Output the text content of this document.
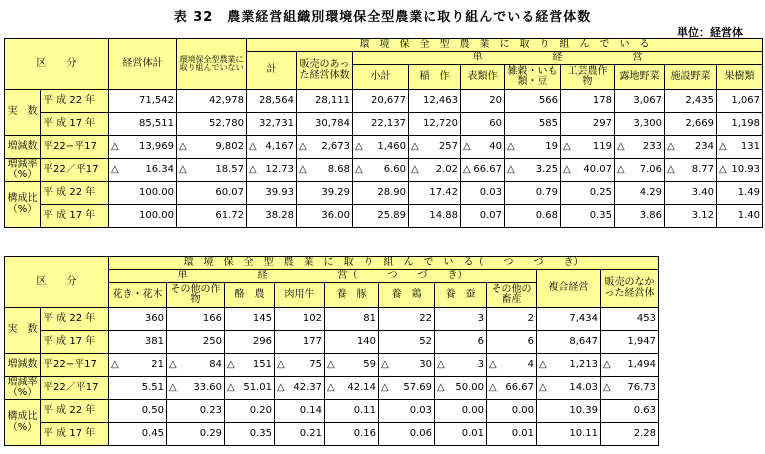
表 32　農業経営組織別環境保全型農業に取り組んでいる経営体数
単位：経営体
区　　分		経営体計	環境保全型農業に取り組んでいない	環　境　保　全　型　農　業　に　取　り　組　ん　で　い　る									
				計	販売のあった経営体数	単　　　　　　　経　　　　　　　営							
						小計	稲　作	表類作	雑穀・いも類・豆	工芸農作物	露地野菜	施設野菜	果樹類
実　数	平 成 22 年	71,542	42,978	28,564	28,111	20,677	12,463	20	566	178	3,067	2,435	1,067
	平 成 17 年	85,511	52,780	32,731	30,784	22,137	12,720	60	585	297	3,300	2,669	1,198
増減数	平22−平17	△ 13,969	△ 9,802	△ 4,167	△ 2,673	△ 1,460	△ 257	△ 40	△ 19	△ 119	△ 233	△ 234	△ 131
増減率（%）	平22／平17	△ 16.34	△ 18.57	△ 12.73	△ 8.68	△ 6.60	△ 2.02	△ 66.67	△ 3.25	△ 40.07	△ 7.06	△ 8.77	△ 10.93
構成比（%）	平 成 22 年	100.00	60.07	39.93	39.29	28.90	17.42	0.03	0.79	0.25	4.29	3.40	1.49
	平 成 17 年	100.00	61.72	38.28	36.00	25.89	14.88	0.07	0.68	0.35	3.86	3.12	1.40
区　　分		環　境　保　全　型　農　業　に　取　り　組　ん　で　い　る（　　つ　　づ　　き）									
		単　　　　　　　経　　　　　　　営（　　　つ　　づ　　き）								複合経営	販売のなかった経営体
		花き・花木	その他の作物	酪　農	肉用牛	養　豚	養　鶏	養　蚕	その他の畜産		
実　数	平 成 22 年	360	166	145	102	81	22	3	2	7,434	453
	平 成 17 年	381	250	296	177	140	52	6	6	8,647	1,947
増減数	平22−平17	△ 21	△ 84	△ 151	△ 75	△ 59	△ 30	△ 3	△ 4	△ 1,213	△ 1,494
増減率（%）	平22／平17	5.51	△ 33.60	△ 51.01	△ 42.37	△ 42.14	△ 57.69	△ 50.00	△ 66.67	△ 14.03	△ 76.73
構成比（%）	平 成 22 年	0.50	0.23	0.20	0.14	0.11	0.03	0.00	0.00	10.39	0.63
	平 成 17 年	0.45	0.29	0.35	0.21	0.16	0.06	0.01	0.01	10.11	2.28
